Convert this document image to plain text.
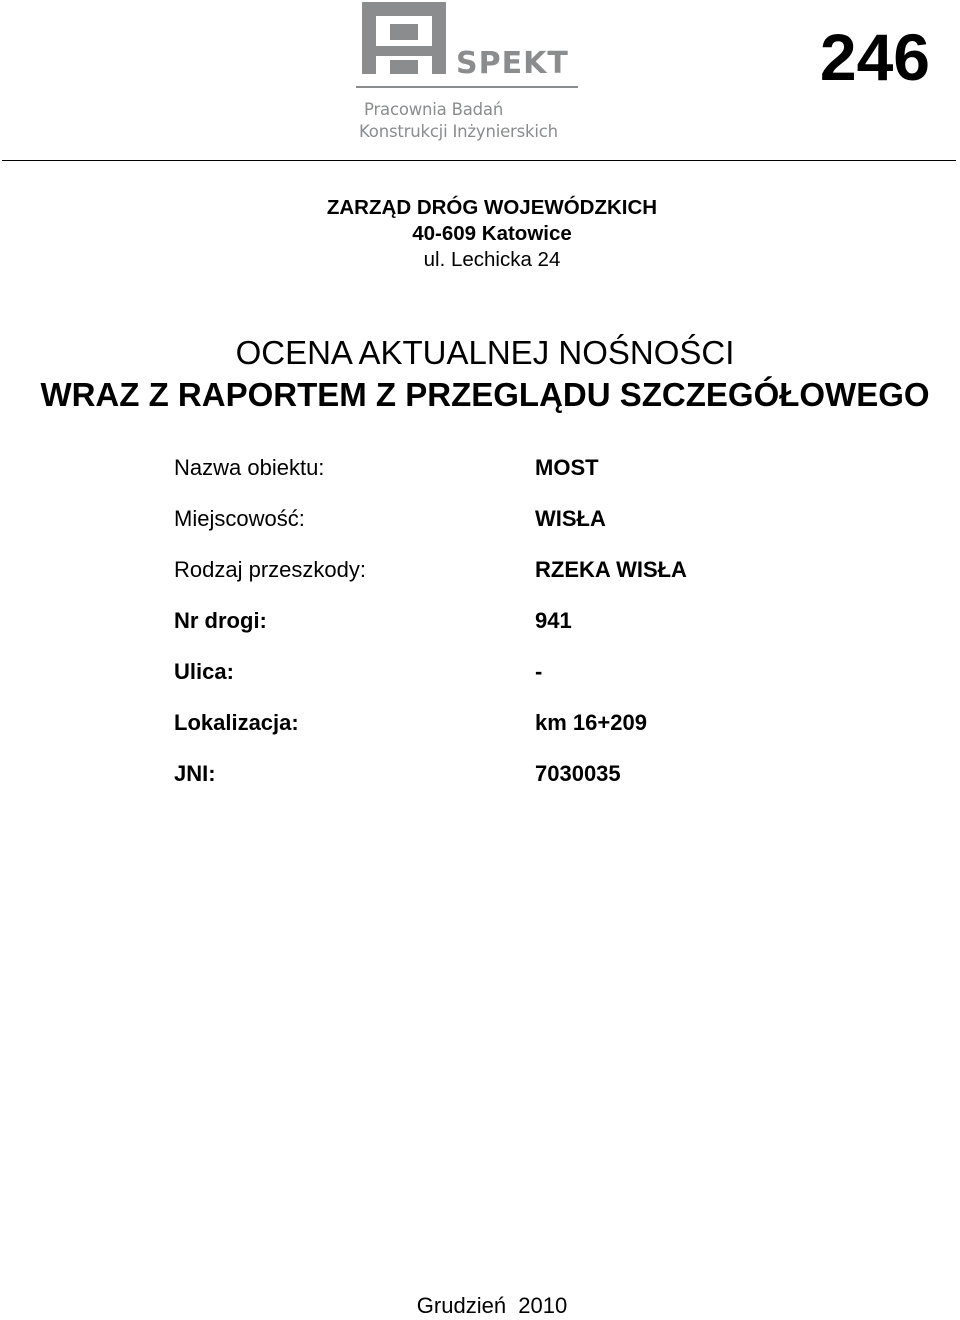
SPEKT
Pracownia Badań
Konstrukcji Inżynierskich
246
ZARZĄD DRÓG WOJEWÓDZKICH
40-609 Katowice
ul. Lechicka 24
OCENA AKTUALNEJ NOŚNOŚCI
WRAZ Z RAPORTEM Z PRZEGLĄDU SZCZEGÓŁOWEGO
Nazwa obiektu:	MOST
Miejscowość:	WISŁA
Rodzaj przeszkody:	RZEKA WISŁA
Nr drogi:	941
Ulica:	-
Lokalizacja:	km 16+209
JNI:	7030035
Grudzień  2010
